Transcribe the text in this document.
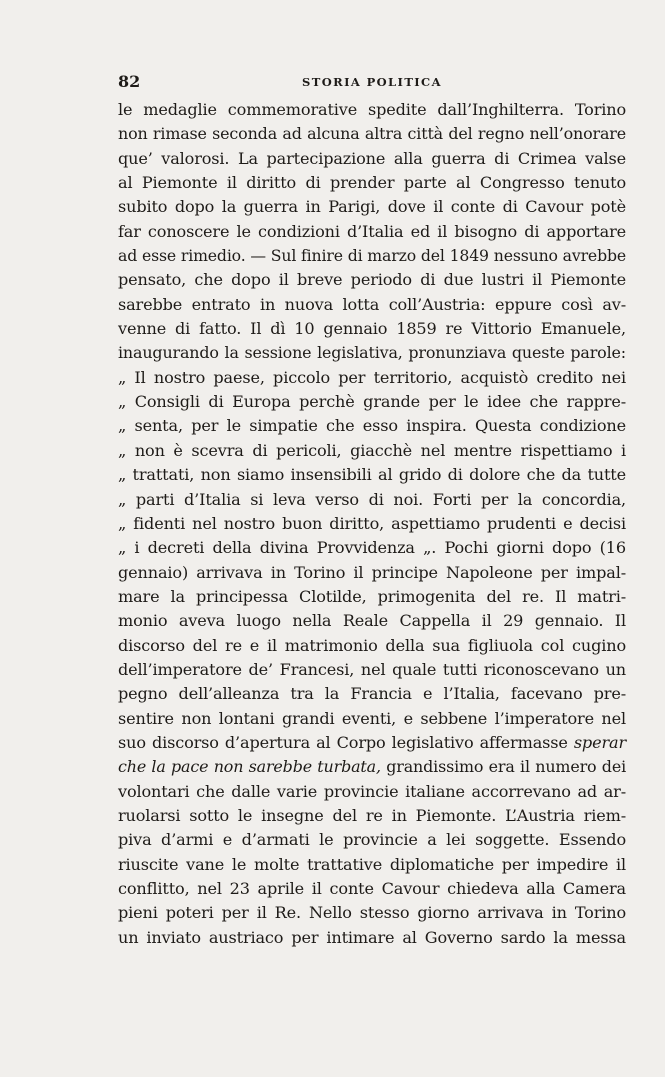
82	STORIA POLITICA
le medaglie commemorative spedite dall’Inghilterra. Torino
non rimase seconda ad alcuna altra città del regno nell’onorare
que’ valorosi. La partecipazione alla guerra di Crimea valse
al Piemonte il diritto di prender parte al Congresso tenuto
subito dopo la guerra in Parigi, dove il conte di Cavour potè
far conoscere le condizioni d’Italia ed il bisogno di apportare
ad esse rimedio. — Sul finire di marzo del 1849 nessuno avrebbe
pensato, che dopo il breve periodo di due lustri il Piemonte
sarebbe entrato in nuova lotta coll’Austria: eppure così av-
venne di fatto. Il dì 10 gennaio 1859 re Vittorio Emanuele,
inaugurando la sessione legislativa, pronunziava queste parole:
„ Il nostro paese, piccolo per territorio, acquistò credito nei
„ Consigli di Europa perchè grande per le idee che rappre-
„ senta, per le simpatie che esso inspira. Questa condizione
„ non è scevra di pericoli, giacchè nel mentre rispettiamo i
„ trattati, non siamo insensibili al grido di dolore che da tutte
„ parti d’Italia si leva verso di noi. Forti per la concordia,
„ fidenti nel nostro buon diritto, aspettiamo prudenti e decisi
„ i decreti della divina Provvidenza „. Pochi giorni dopo (16
gennaio) arrivava in Torino il principe Napoleone per impal-
mare la principessa Clotilde, primogenita del re. Il matri-
monio aveva luogo nella Reale Cappella il 29 gennaio. Il
discorso del re e il matrimonio della sua figliuola col cugino
dell’imperatore de’ Francesi, nel quale tutti riconoscevano un
pegno dell’alleanza tra la Francia e l’Italia, facevano pre-
sentire non lontani grandi eventi, e sebbene l’imperatore nel
suo discorso d’apertura al Corpo legislativo affermasse sperar
che la pace non sarebbe turbata, grandissimo era il numero dei
volontari che dalle varie provincie italiane accorrevano ad ar-
ruolarsi sotto le insegne del re in Piemonte. L’Austria riem-
piva d’armi e d’armati le provincie a lei soggette. Essendo
riuscite vane le molte trattative diplomatiche per impedire il
conflitto, nel 23 aprile il conte Cavour chiedeva alla Camera
pieni poteri per il Re. Nello stesso giorno arrivava in Torino
un inviato austriaco per intimare al Governo sardo la messa
